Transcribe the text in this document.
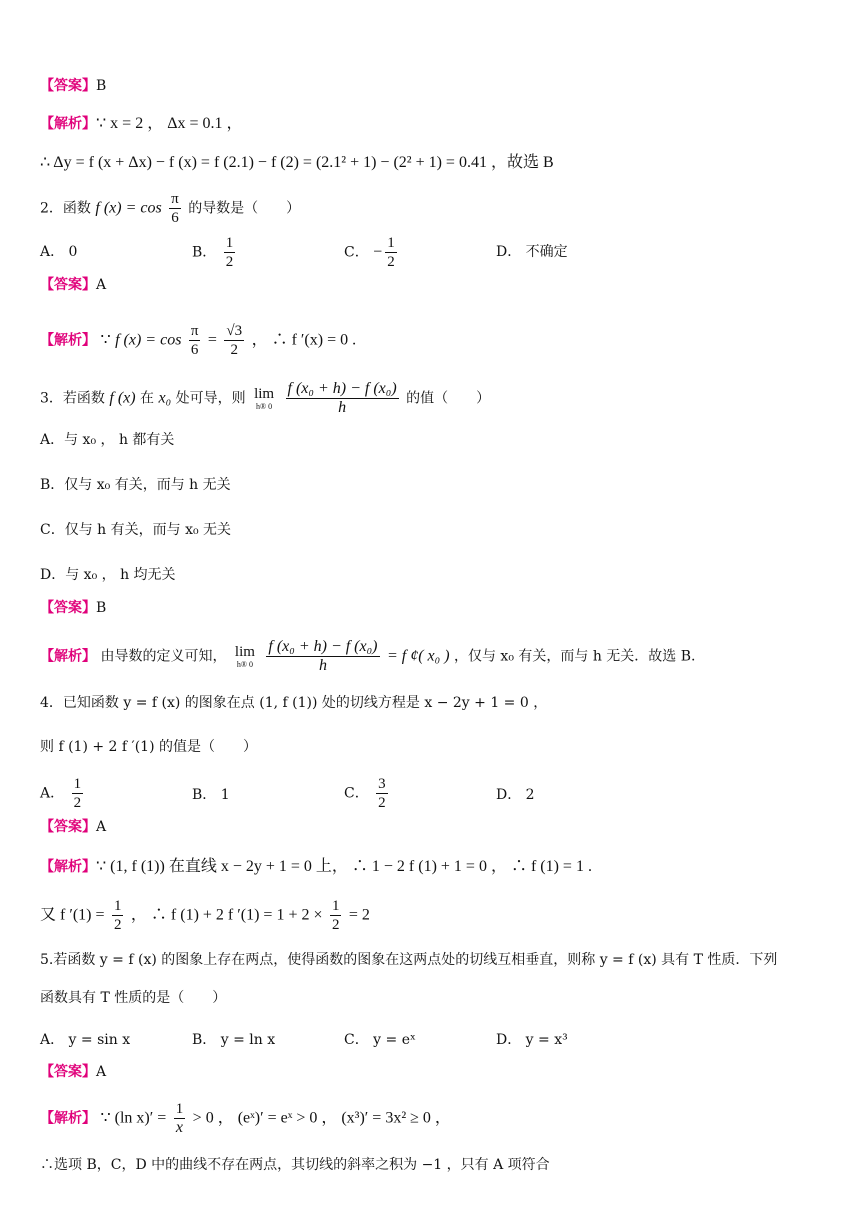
【答案】B
【解析】∵ x = 2 ， Δx = 0.1 ，
∴ Δy = f (x + Δx) − f (x) = f (2.1) − f (2) = (2.1² + 1) − (2² + 1) = 0.41 ，故选 B
2．函数 f $(x) = \cos \frac{\pi}{6}$ 的导数是（　　）
A． 0	B． $\frac{1}{2}$	C． − $\frac{1}{2}$	D． 不确定
【答案】A
【解析】 ∵ f $(x) = \cos \frac{\pi}{6} = \frac{√3}{2}$ ， ∴ f ′(x) = 0 .
3．若函数 f (x) 在 x₀ 处可导，则 lim
h® 0
$\frac{\text{f (x₀ + h) − f (x₀)}}{h}$ 的值（　　）
A．与 x₀ ， h 都有关
B．仅与 x₀ 有关，而与 h 无关
C．仅与 h 有关，而与 x₀ 无关
D．与 x₀ ， h 均无关
【答案】B
【解析】 由导数的定义可知， lim
h® 0
$\frac{\text{f (x₀ + h) − f (x₀)}}{h} = f$ ¢( x₀ ) ，仅与 x₀ 有关，而与 h 无关．故选 B.
4．已知函数 y = f (x) 的图象在点 (1, f (1)) 处的切线方程是 x − 2y + 1 = 0 ，
则 f (1) + 2 f ′(1) 的值是（　　）
A． $\frac{1}{2}$	B． 1	C． $\frac{3}{2}$	D． 2
【答案】A
【解析】∵ (1, f (1)) 在直线 x − 2y + 1 = 0 上， ∴ 1 − 2 f (1) + 1 = 0 ， ∴ f (1) = 1 .
又 f $'(1) = \frac{1}{2}$ ， ∴ f (1) + 2 f $'(1) = 1 + 2 \times \frac{1}{2} = 2$
5.若函数 y = f (x) 的图象上存在两点，使得函数的图象在这两点处的切线互相垂直，则称 y = f (x) 具有 T 性质．下列
函数具有 T 性质的是（　　）
A． y = sin x	B． y = ln x	C． y = eˣ	D． y = x³
【答案】A
【解析】 ∵ (ln $x)' = \frac{1}{x} > 0$ ， (eˣ)′ = eˣ > 0 ， (x³)′ = 3x² ≥ 0 ，
∴选项 B，C，D 中的曲线不存在两点，其切线的斜率之积为 −1 ，只有 A 项符合
